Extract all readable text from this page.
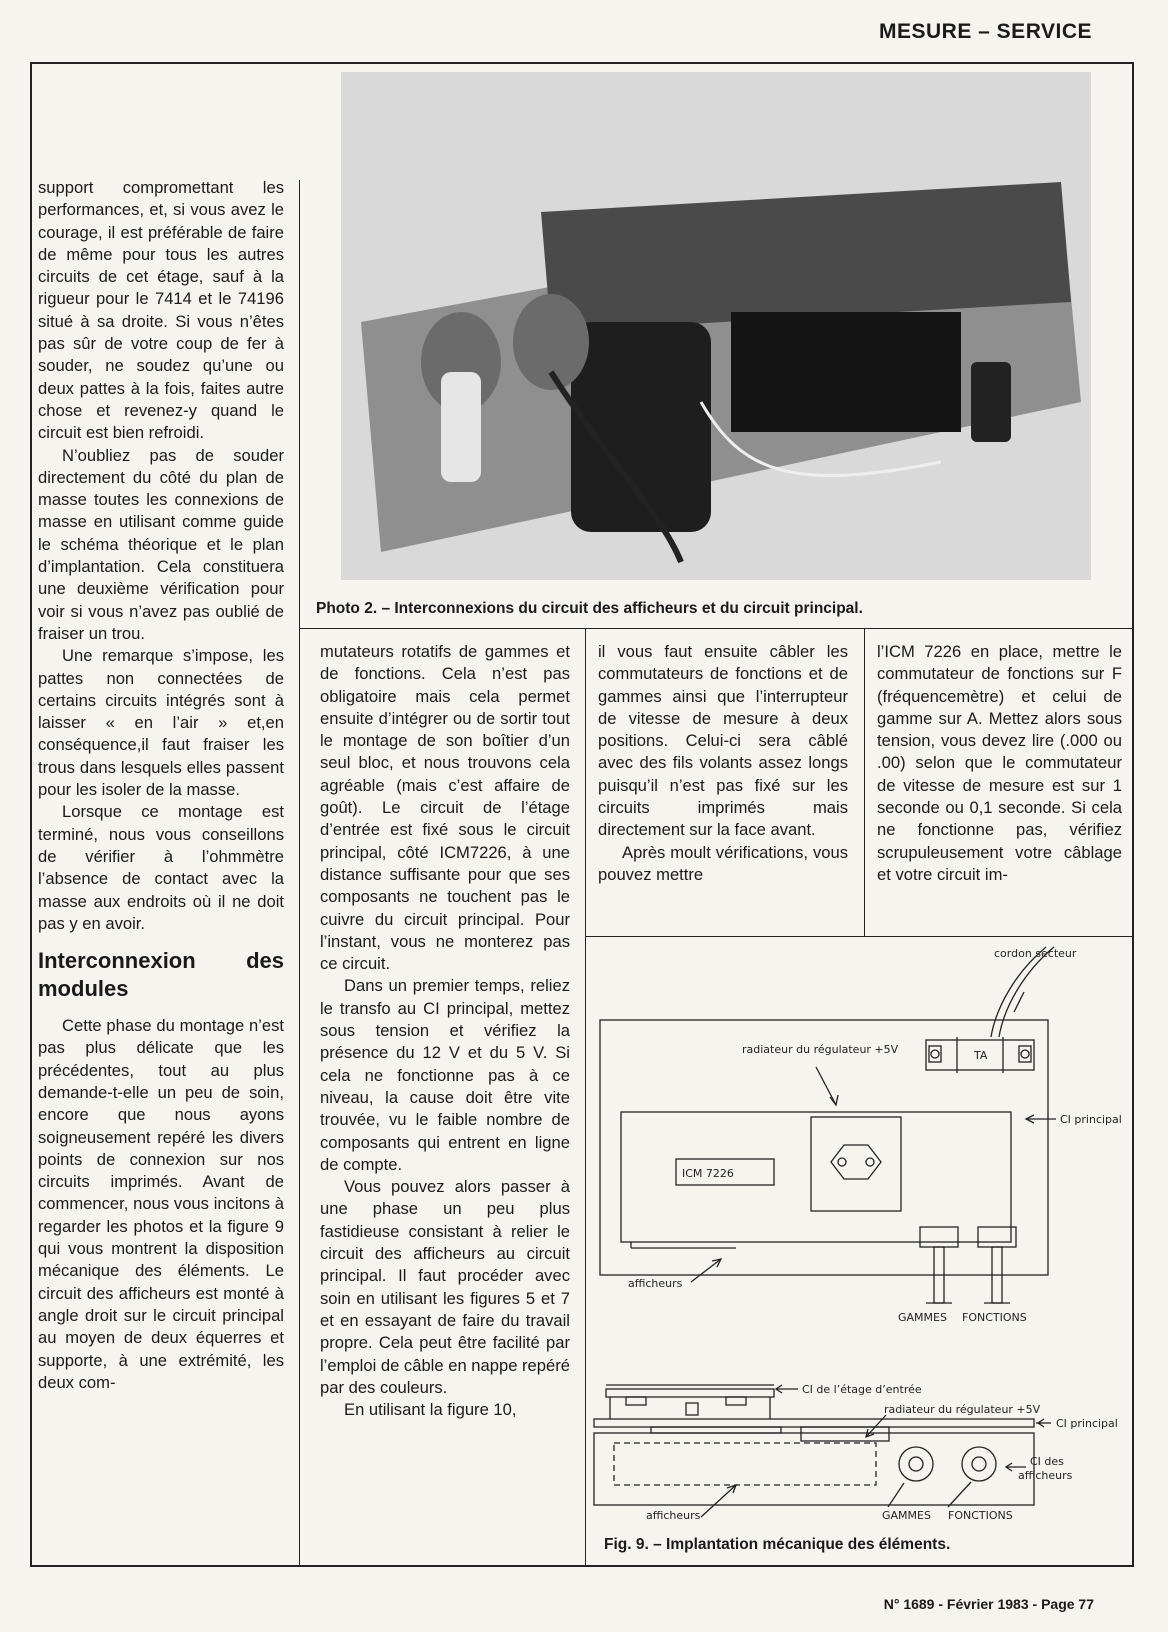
MESURE – SERVICE

support compromettant les performances, et, si vous avez le courage, il est préférable de faire de même pour tous les autres circuits de cet étage, sauf à la rigueur pour le 7414 et le 74196 situé à sa droite. Si vous n’êtes pas sûr de votre coup de fer à souder, ne soudez qu’une ou deux pattes à la fois, faites autre chose et revenez-y quand le circuit est bien refroidi.

N’oubliez pas de souder directement du côté du plan de masse toutes les connexions de masse en utilisant comme guide le schéma théorique et le plan d’implantation. Cela constituera une deuxième vérification pour voir si vous n’avez pas oublié de fraiser un trou.

Une remarque s’impose, les pattes non connectées de certains circuits intégrés sont à laisser « en l’air » et,en conséquence,il faut fraiser les trous dans lesquels elles passent pour les isoler de la masse.

Lorsque ce montage est terminé, nous vous conseillons de vérifier à l’ohmmètre l’absence de contact avec la masse aux endroits où il ne doit pas y en avoir.

Interconnexion des modules

Cette phase du montage n’est pas plus délicate que les précédentes, tout au plus demande-t-elle un peu de soin, encore que nous ayons soigneusement repéré les divers points de connexion sur nos circuits imprimés. Avant de commencer, nous vous incitons à regarder les photos et la figure 9 qui vous montrent la disposition mécanique des éléments. Le circuit des afficheurs est monté à angle droit sur le circuit principal au moyen de deux équerres et supporte, à une extrémité, les deux com-

Photo 2. – Interconnexions du circuit des afficheurs et du circuit principal.

mutateurs rotatifs de gammes et de fonctions. Cela n’est pas obligatoire mais cela permet ensuite d’intégrer ou de sortir tout le montage de son boîtier d’un seul bloc, et nous trouvons cela agréable (mais c’est affaire de goût). Le circuit de l’étage d’entrée est fixé sous le circuit principal, côté ICM7226, à une distance suffisante pour que ses composants ne touchent pas le cuivre du circuit principal. Pour l’instant, vous ne monterez pas ce circuit.

Dans un premier temps, reliez le transfo au CI principal, mettez sous tension et vérifiez la présence du 12 V et du 5 V. Si cela ne fonctionne pas à ce niveau, la cause doit être vite trouvée, vu le faible nombre de composants qui entrent en ligne de compte.

Vous pouvez alors passer à une phase un peu plus fastidieuse consistant à relier le circuit des afficheurs au circuit principal. Il faut procéder avec soin en utilisant les figures 5 et 7 et en essayant de faire du travail propre. Cela peut être facilité par l’emploi de câble en nappe repéré par des couleurs.

En utilisant la figure 10,

il vous faut ensuite câbler les commutateurs de fonctions et de gammes ainsi que l’interrupteur de vitesse de mesure à deux positions. Celui-ci sera câblé avec des fils volants assez longs puisqu’il n’est pas fixé sur les circuits imprimés mais directement sur la face avant.

Après moult vérifications, vous pouvez mettre

l’ICM 7226 en place, mettre le commutateur de fonctions sur F (fréquencemètre) et celui de gamme sur A. Mettez alors sous tension, vous devez lire (.000 ou .00) selon que le commutateur de vitesse de mesure est sur 1 seconde ou 0,1 seconde. Si cela ne fonctionne pas, vérifiez scrupuleusement votre câblage et votre circuit im-

cordon secteur
TA
radiateur du régulateur +5V
CI principal
ICM 7226
afficheurs
GAMMES FONCTIONS
CI de l’étage d’entrée
radiateur du régulateur +5V
CI principal
CI des
afficheurs
afficheurs	GAMMES FONCTIONS
Fig. 9. – Implantation mécanique des éléments.
N° 1689 - Février 1983 - Page 77
